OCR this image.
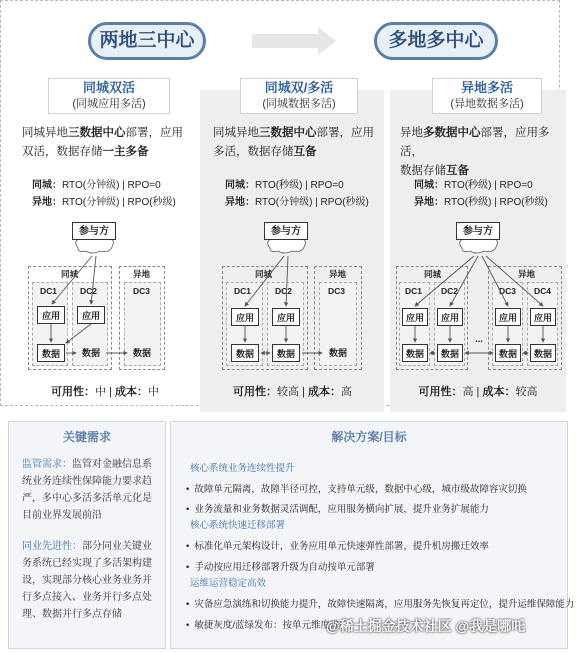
两地三中心	多地多中心
同城双活
(同城应用多活)
同城双/多活
(同城数据多活)
异地多活
(异地数据多活)
同城异地三数据中心部署，应用
双活，数据存储一主多备
同城异地三数据中心部署，应用
多活，数据存储互备
异地多数据中心部署，应用多活，
数据存储互备
同城：RTO(分钟级) | RPO=0
异地：RTO(分钟级) | RPO(秒级)
同城：RTO(秒级) | RPO=0
异地：RTO(分钟级) | RPO(秒级)
同城：RTO(秒级) | RPO=0
异地：RTO(秒级) | RPO(秒级)
同城	异地
DC1	DC2	DC3
应用	应用
数据	数据	数据
同城	异地
DC1	DC2	DC3
应用	应用
数据	数据	数据
同城	异地
DC1 DC2	DC3 DC4
应用	应用	应用	应用
数据	数据	数据	数据
...
参与方	参与方	参与方
可用性：中 | 成本：中	可用性：较高 | 成本：高	可用性：高 | 成本：较高
关键需求
监管需求：监管对金融信息系
统业务连续性保障能力要求趋
严，多中心多活多活单元化是
目前业界发展前沿
同业先进性：部分同业关键业
务系统已经实现了多活架构建
设，实现部分核心业务业务并
行多点接入、业务并行多点处
理、数据并行多点存储
解决方案/目标
核心系统业务连续性提升
• 故障单元隔离，故障半径可控，支持单元级，数据中心级，城市级故障容灾切换
• 业务流量和业务数据灵活调配，应用服务横向扩展，提升业务扩展能力
核心系统快速迁移部署
• 标准化单元架构设计，业务应用单元快速弹性部署，提升机房搬迁效率
• 手动按应用迁移部署升级为自动按单元部署
运维运营稳定高效
• 灾备应急演练和切换能力提升，故障快速隔离，应用服务先恢复再定位，提升运维保障能力
• 敏捷灰度/蓝绿发布：按单元维度进行
@稀土掘金技术社区 @我是哪吒
